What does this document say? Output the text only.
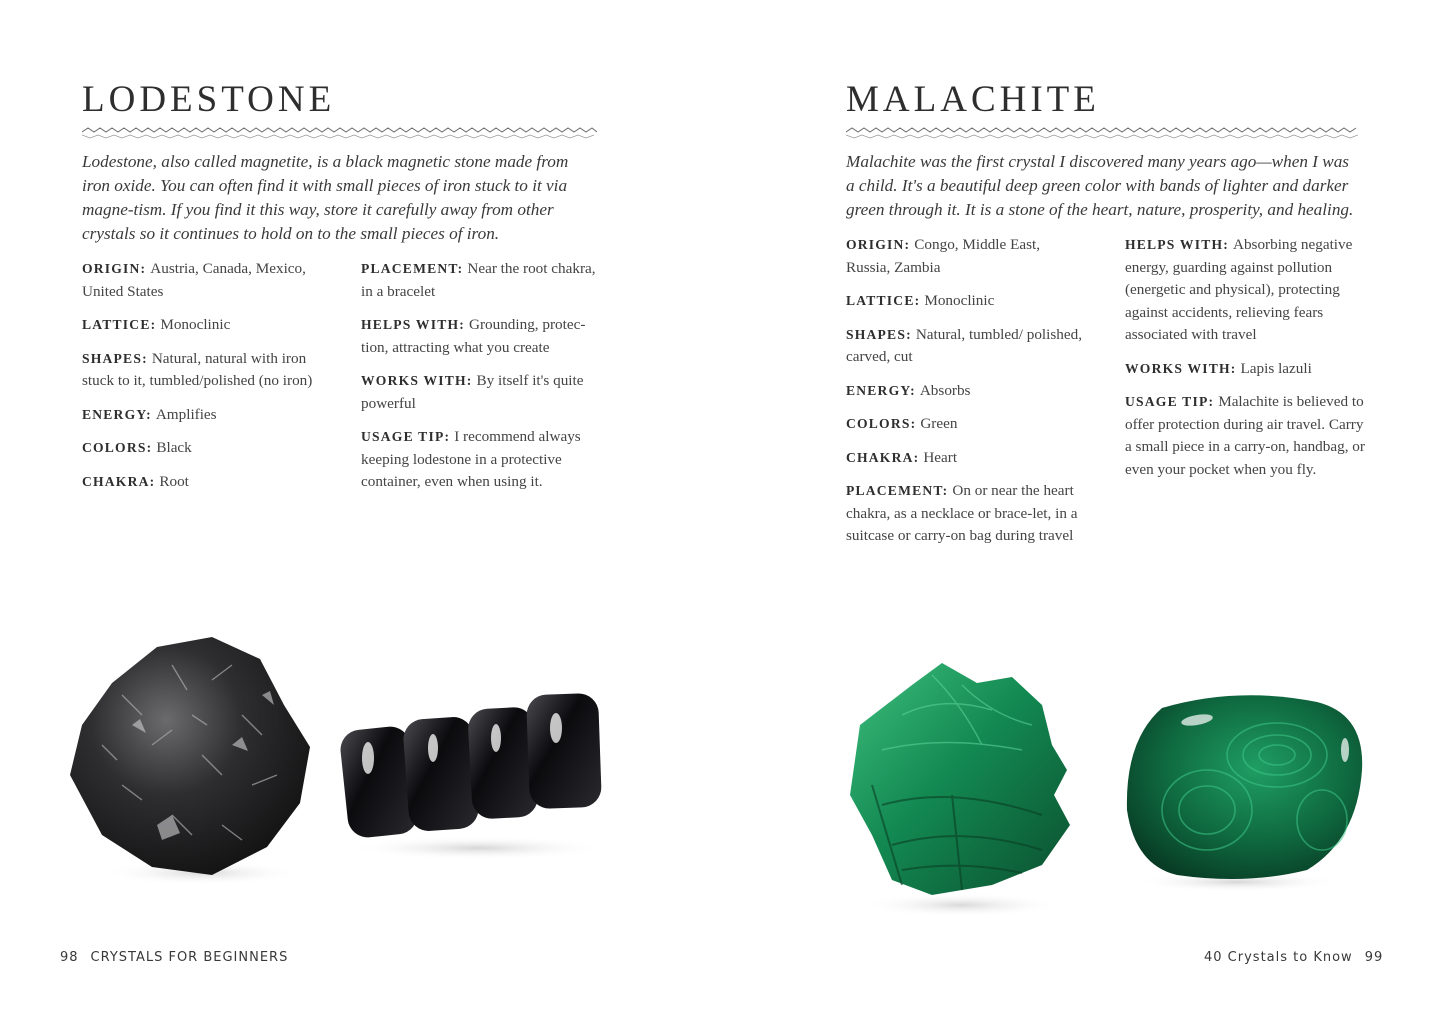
LODESTONE

Lodestone, also called magnetite, is a black magnetic stone made from iron oxide. You can often find it with small pieces of iron stuck to it via magne-tism. If you find it this way, store it carefully away from other crystals so it continues to hold on to the small pieces of iron.

ORIGIN: Austria, Canada, Mexico, United States
LATTICE: Monoclinic
SHAPES: Natural, natural with iron stuck to it, tumbled/polished (no iron)
ENERGY: Amplifies
COLORS: Black
CHAKRA: Root
PLACEMENT: Near the root chakra, in a bracelet
HELPS WITH: Grounding, protec-tion, attracting what you create
WORKS WITH: By itself it's quite powerful
USAGE TIP: I recommend always keeping lodestone in a protective container, even when using it.
98 CRYSTALS FOR BEGINNERS
MALACHITE

Malachite was the first crystal I discovered many years ago—when I was a child. It's a beautiful deep green color with bands of lighter and darker green through it. It is a stone of the heart, nature, prosperity, and healing.

ORIGIN: Congo, Middle East, Russia, Zambia
LATTICE: Monoclinic
SHAPES: Natural, tumbled/ polished, carved, cut
ENERGY: Absorbs
COLORS: Green
CHAKRA: Heart
PLACEMENT: On or near the heart chakra, as a necklace or brace-let, in a suitcase or carry-on bag during travel
HELPS WITH: Absorbing negative energy, guarding against pollution (energetic and physical), protecting against accidents, relieving fears associated with travel
WORKS WITH: Lapis lazuli
USAGE TIP: Malachite is believed to offer protection during air travel. Carry a small piece in a carry-on, handbag, or even your pocket when you fly.
40 Crystals to Know 99
